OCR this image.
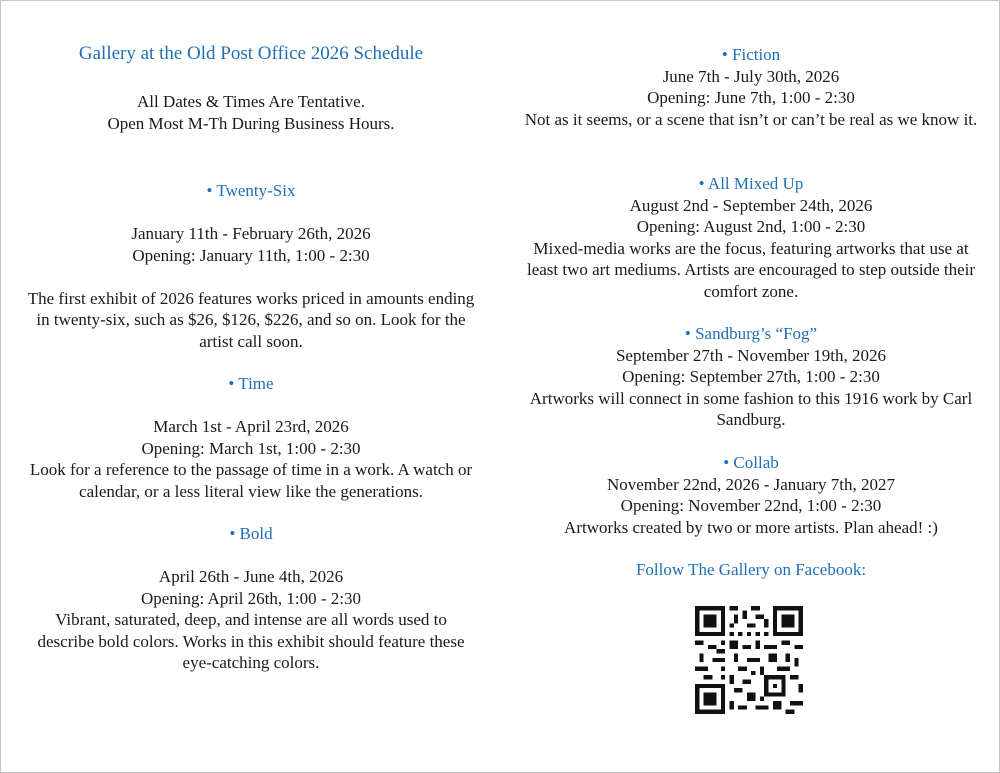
Gallery at the Old Post Office 2026 Schedule
All Dates & Times Are Tentative.
Open Most M-Th During Business Hours.
• Twenty-Six
January 11th - February 26th, 2026
Opening: January 11th, 1:00 - 2:30
The first exhibit of 2026 features works priced in amounts ending in twenty-six, such as $26, $126, $226, and so on. Look for the artist call soon.
• Time
March 1st - April 23rd, 2026
Opening: March 1st, 1:00 - 2:30
Look for a reference to the passage of time in a work. A watch or calendar, or a less literal view like the generations.
• Bold
April 26th - June 4th, 2026
Opening: April 26th, 1:00 - 2:30
Vibrant, saturated, deep, and intense are all words used to describe bold colors. Works in this exhibit should feature these eye-catching colors.
• Fiction
June 7th - July 30th, 2026
Opening: June 7th, 1:00 - 2:30
Not as it seems, or a scene that isn’t or can’t be real as we know it.
• All Mixed Up
August 2nd - September 24th, 2026
Opening: August 2nd, 1:00 - 2:30
Mixed-media works are the focus, featuring artworks that use at least two art mediums. Artists are encouraged to step outside their comfort zone.
• Sandburg’s “Fog”
September 27th - November 19th, 2026
Opening: September 27th, 1:00 - 2:30
Artworks will connect in some fashion to this 1916 work by Carl Sandburg.
• Collab
November 22nd, 2026 - January 7th, 2027
Opening: November 22nd, 1:00 - 2:30
Artworks created by two or more artists. Plan ahead! :)
Follow The Gallery on Facebook:
